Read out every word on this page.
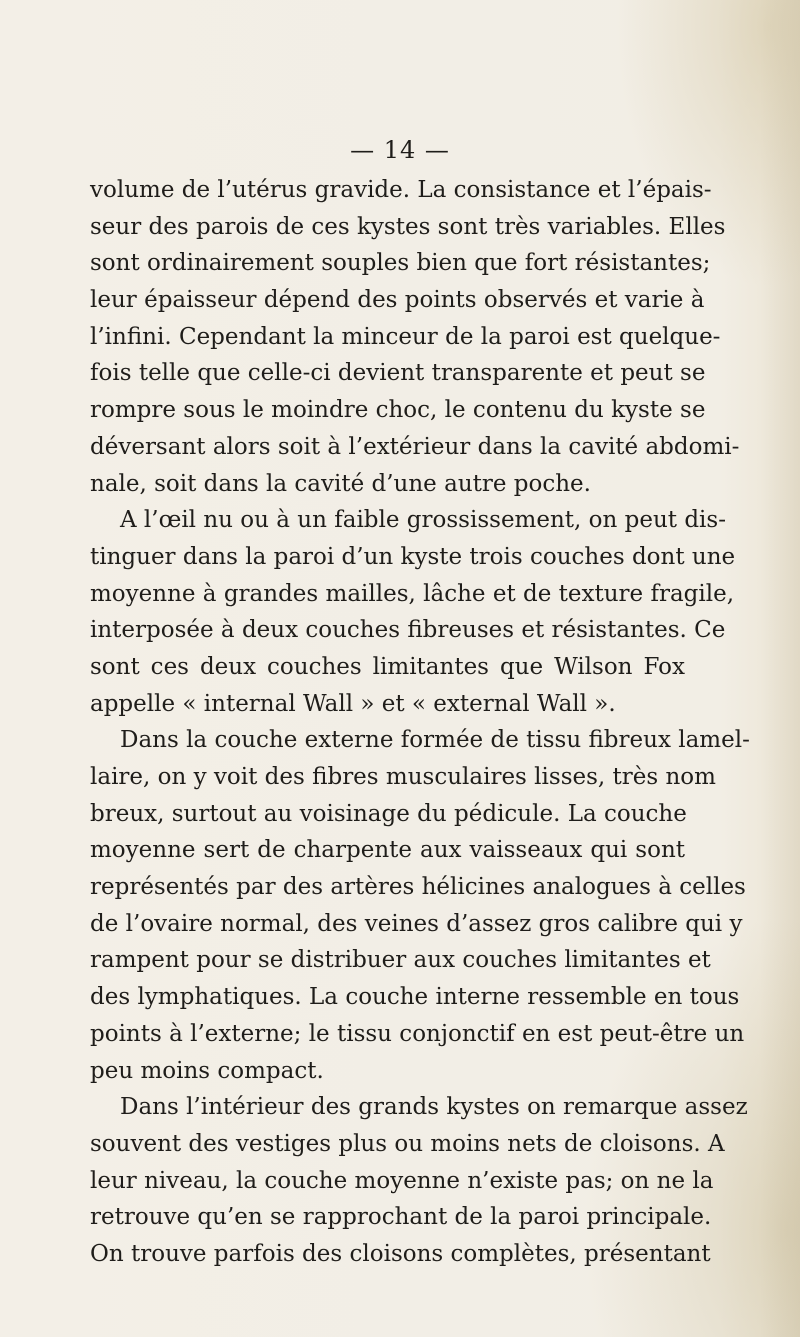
— 14 —
volume de l’utérus gravide. La consistance et l’épais-
seur des parois de ces kystes sont très variables. Elles
sont ordinairement souples bien que fort résistantes;
leur épaisseur dépend des points observés et varie à
l’infini. Cependant la minceur de la paroi est quelque-
fois telle que celle-ci devient transparente et peut se
rompre sous le moindre choc, le contenu du kyste se
déversant alors soit à l’extérieur dans la cavité abdomi-
nale, soit dans la cavité d’une autre poche.
A l’œil nu ou à un faible grossissement, on peut dis-
tinguer dans la paroi d’un kyste trois couches dont une
moyenne à grandes mailles, lâche et de texture fragile,
interposée à deux couches fibreuses et résistantes. Ce
sont ces deux couches limitantes que Wilson Fox
appelle « internal Wall » et « external Wall ».
Dans la couche externe formée de tissu fibreux lamel-
laire, on y voit des fibres musculaires lisses, très nom
breux, surtout au voisinage du pédicule. La couche
moyenne sert de charpente aux vaisseaux qui sont
représentés par des artères hélicines analogues à celles
de l’ovaire normal, des veines d’assez gros calibre qui y
rampent pour se distribuer aux couches limitantes et
des lymphatiques. La couche interne ressemble en tous
points à l’externe; le tissu conjonctif en est peut-être un
peu moins compact.
Dans l’intérieur des grands kystes on remarque assez
souvent des vestiges plus ou moins nets de cloisons. A
leur niveau, la couche moyenne n’existe pas; on ne la
retrouve qu’en se rapprochant de la paroi principale.
On trouve parfois des cloisons complètes, présentant
